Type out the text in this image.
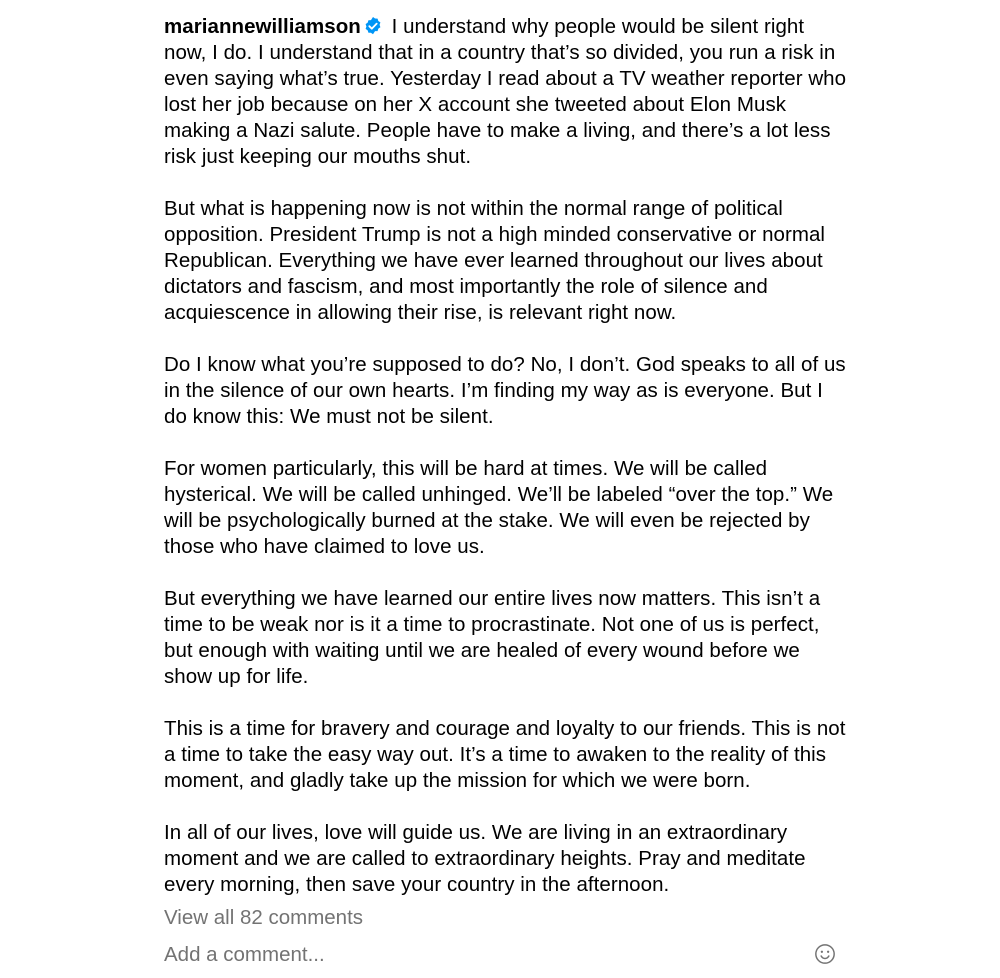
mariannewilliamson
I understand why people would be silent right now, I do. I understand that in a country that’s so divided, you run a risk in even saying what’s true. Yesterday I read about a TV weather reporter who lost her job because on her X account she tweeted about Elon Musk making a Nazi salute. People have to make a living, and there’s a lot less risk just keeping our mouths shut.

But what is happening now is not within the normal range of political opposition. President Trump is not a high minded conservative or normal Republican. Everything we have ever learned throughout our lives about dictators and fascism, and most importantly the role of silence and acquiescence in allowing their rise, is relevant right now.

Do I know what you’re supposed to do? No, I don’t. God speaks to all of us in the silence of our own hearts. I’m finding my way as is everyone. But I do know this: We must not be silent.

For women particularly, this will be hard at times. We will be called hysterical. We will be called unhinged. We’ll be labeled “over the top.” We will be psychologically burned at the stake. We will even be rejected by those who have claimed to love us.

But everything we have learned our entire lives now matters. This isn’t a time to be weak nor is it a time to procrastinate. Not one of us is perfect, but enough with waiting until we are healed of every wound before we show up for life.

This is a time for bravery and courage and loyalty to our friends. This is not a time to take the easy way out. It’s a time to awaken to the reality of this moment, and gladly take up the mission for which we were born.

In all of our lives, love will guide us. We are living in an extraordinary moment and we are called to extraordinary heights. Pray and meditate every morning, then save your country in the afternoon.

View all 82 comments
Add a comment...
